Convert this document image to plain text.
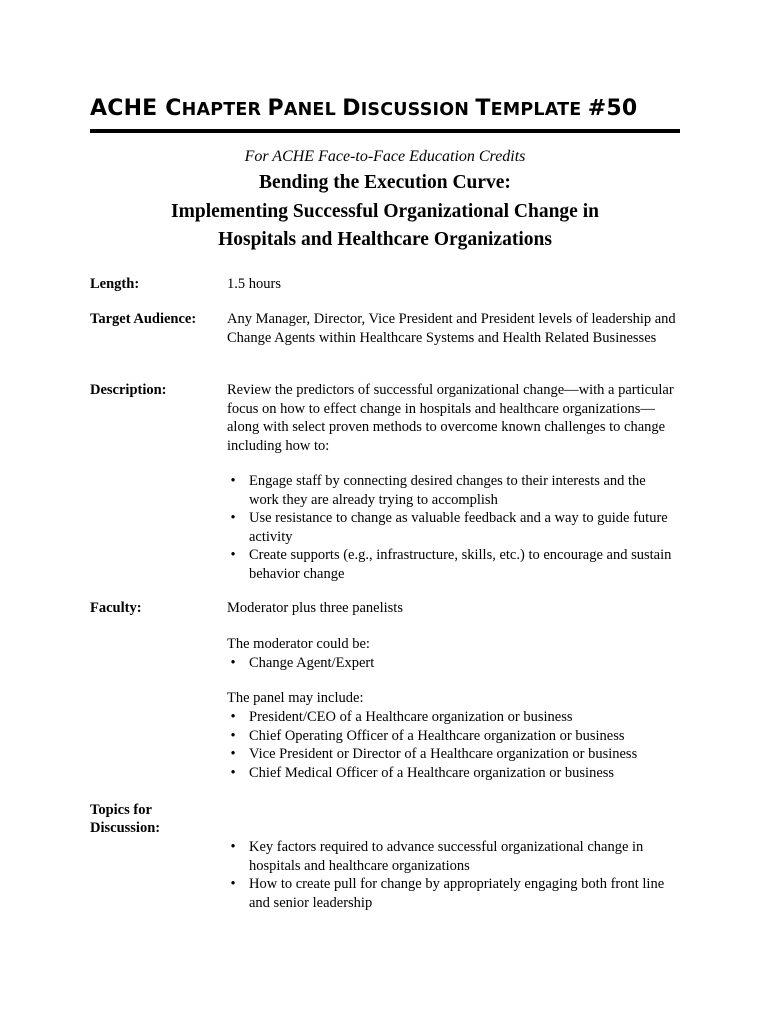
ACHE CHAPTER PANEL DISCUSSION TEMPLATE #50
For ACHE Face-to-Face Education Credits
Bending the Execution Curve:
Implementing Successful Organizational Change in
Hospitals and Healthcare Organizations
Length:	1.5 hours
Target Audience: Any Manager, Director, Vice President and President levels of leadership and Change Agents within Healthcare Systems and Health Related Businesses
Description:	Review the predictors of successful organizational change—with a particular focus on how to effect change in hospitals and healthcare organizations—along with select proven methods to overcome known challenges to change including how to:
• Engage staff by connecting desired changes to their interests and the work they are already trying to accomplish
• Use resistance to change as valuable feedback and a way to guide future activity
• Create supports (e.g., infrastructure, skills, etc.) to encourage and sustain behavior change
Faculty:	Moderator plus three panelists
The moderator could be:
• Change Agent/Expert
The panel may include:
• President/CEO of a Healthcare organization or business
• Chief Operating Officer of a Healthcare organization or business
• Vice President or Director of a Healthcare organization or business
• Chief Medical Officer of a Healthcare organization or business
Topics for
Discussion:
• Key factors required to advance successful organizational change in hospitals and healthcare organizations
• How to create pull for change by appropriately engaging both front line and senior leadership
